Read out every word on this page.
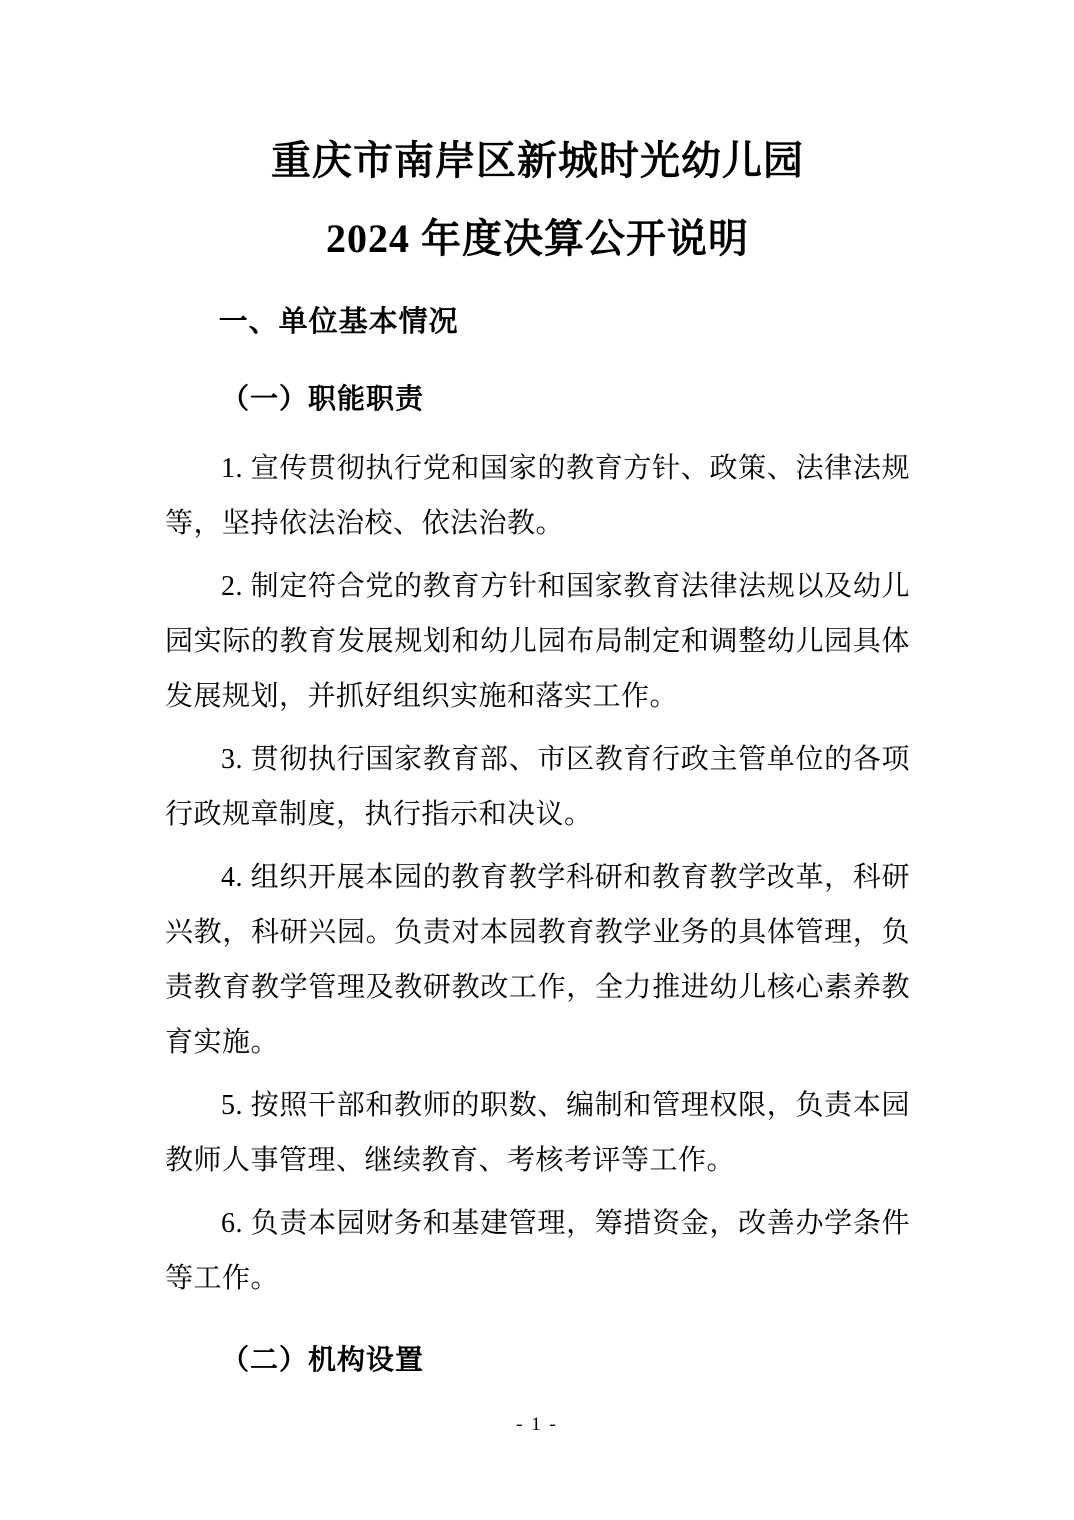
重庆市南岸区新城时光幼儿园
2024 年度决算公开说明
一、单位基本情况
（一）职能职责

1. 宣传贯彻执行党和国家的教育方针、政策、法律法规等，坚持依法治校、依法治教。

2. 制定符合党的教育方针和国家教育法律法规以及幼儿园实际的教育发展规划和幼儿园布局制定和调整幼儿园具体发展规划，并抓好组织实施和落实工作。

3. 贯彻执行国家教育部、市区教育行政主管单位的各项行政规章制度，执行指示和决议。

4. 组织开展本园的教育教学科研和教育教学改革，科研兴教，科研兴园。负责对本园教育教学业务的具体管理，负责教育教学管理及教研教改工作，全力推进幼儿核心素养教育实施。

5. 按照干部和教师的职数、编制和管理权限，负责本园教师人事管理、继续教育、考核考评等工作。

6. 负责本园财务和基建管理，筹措资金，改善办学条件等工作。

（二）机构设置
- 1 -
